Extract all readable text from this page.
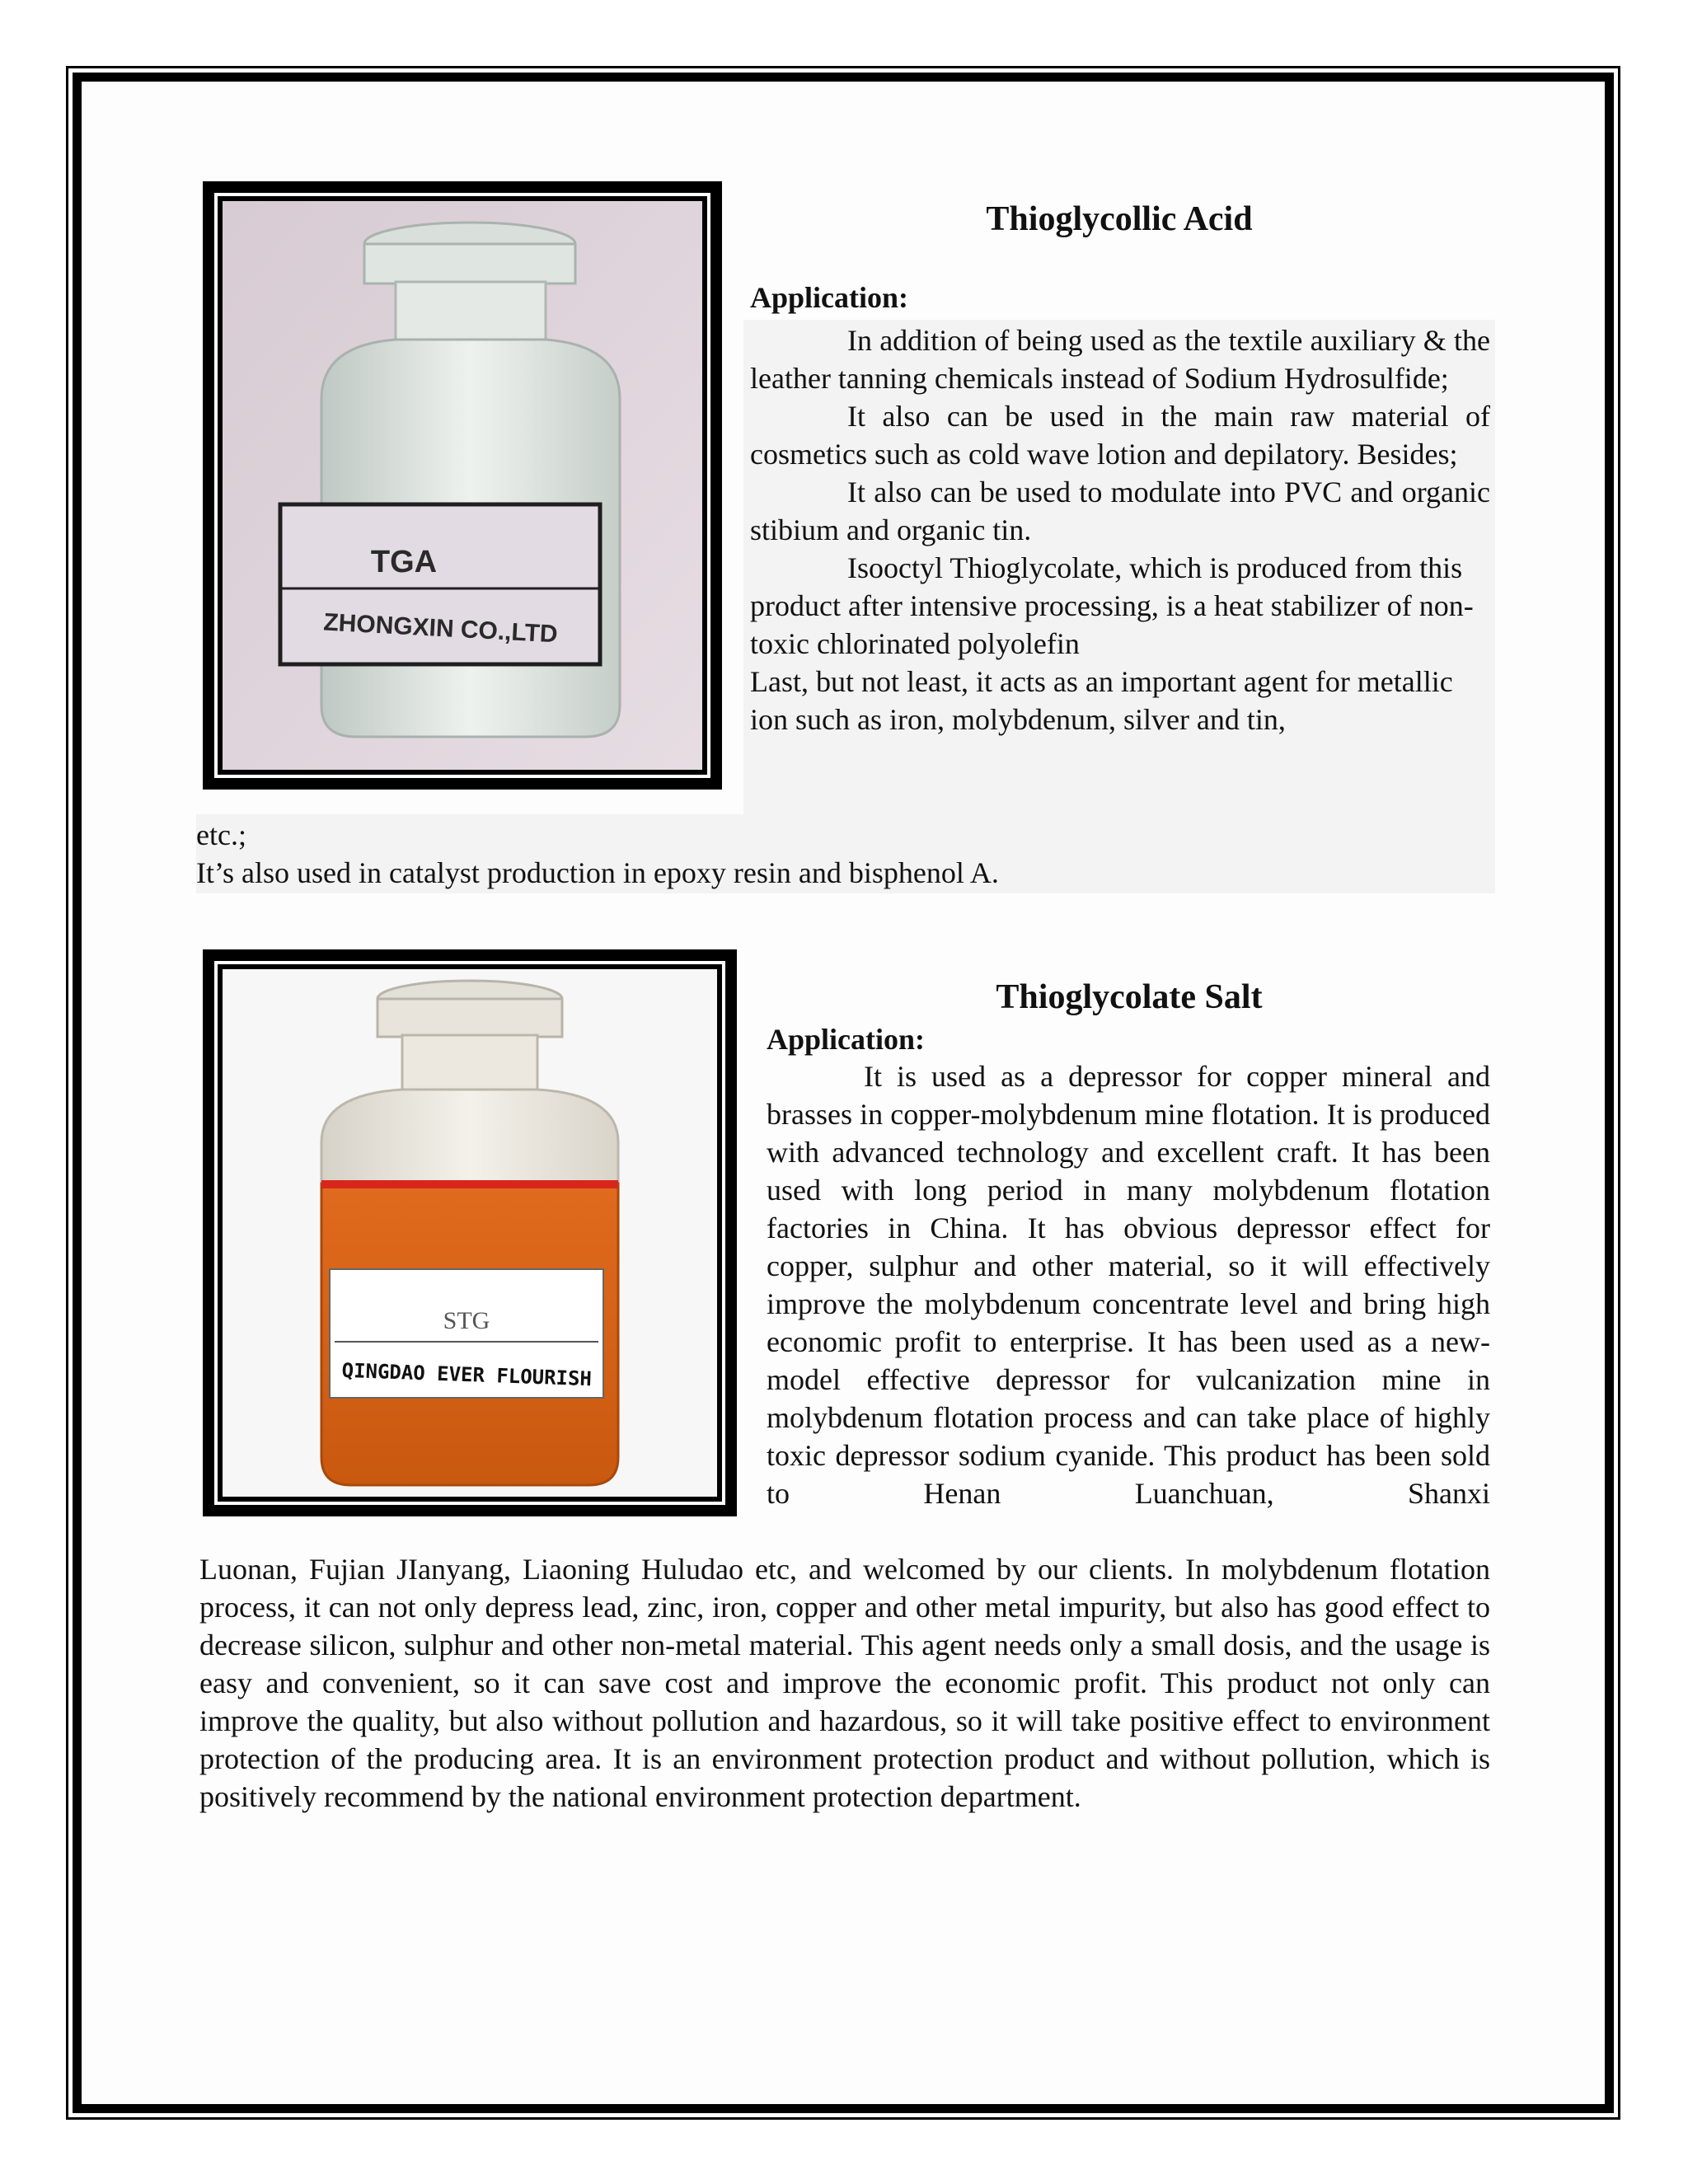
TGA
ZHONGXIN CO.,LTD
Thioglycollic Acid
Application:

In addition of being used as the textile auxiliary & the leather tanning chemicals instead of Sodium Hydrosulfide;

It also can be used in the main raw material of cosmetics such as cold wave lotion and depilatory. Besides;

It also can be used to modulate into PVC and organic stibium and organic tin.

Isooctyl Thioglycolate, which is produced from this product after intensive processing, is a heat stabilizer of non-toxic chlorinated polyolefin

Last, but not least, it acts as an important agent for metallic ion such as iron, molybdenum, silver and tin,

etc.;
It’s also used in catalyst production in epoxy resin and bisphenol A.
STG
QINGDAO EVER FLOURISH
Thioglycolate Salt
Application:

It is used as a depressor for copper mineral and brasses in copper-molybdenum mine flotation. It is produced with advanced technology and excellent craft. It has been used with long period in many molybdenum flotation factories in China. It has obvious depressor effect for copper, sulphur and other material, so it will effectively improve the molybdenum concentrate level and bring high economic profit to enterprise. It has been used as a new-model effective depressor for vulcanization mine in molybdenum flotation process and can take place of highly toxic depressor sodium cyanide. This product has been sold to Henan Luanchuan, Shanxi

Luonan, Fujian JIanyang, Liaoning Huludao etc, and welcomed by our clients. In molybdenum flotation process, it can not only depress lead, zinc, iron, copper and other metal impurity, but also has good effect to decrease silicon, sulphur and other non-metal material. This agent needs only a small dosis, and the usage is easy and convenient, so it can save cost and improve the economic profit. This product not only can improve the quality, but also without pollution and hazardous, so it will take positive effect to environment protection of the producing area. It is an environment protection product and without pollution, which is positively recommend by the national environment protection department.
